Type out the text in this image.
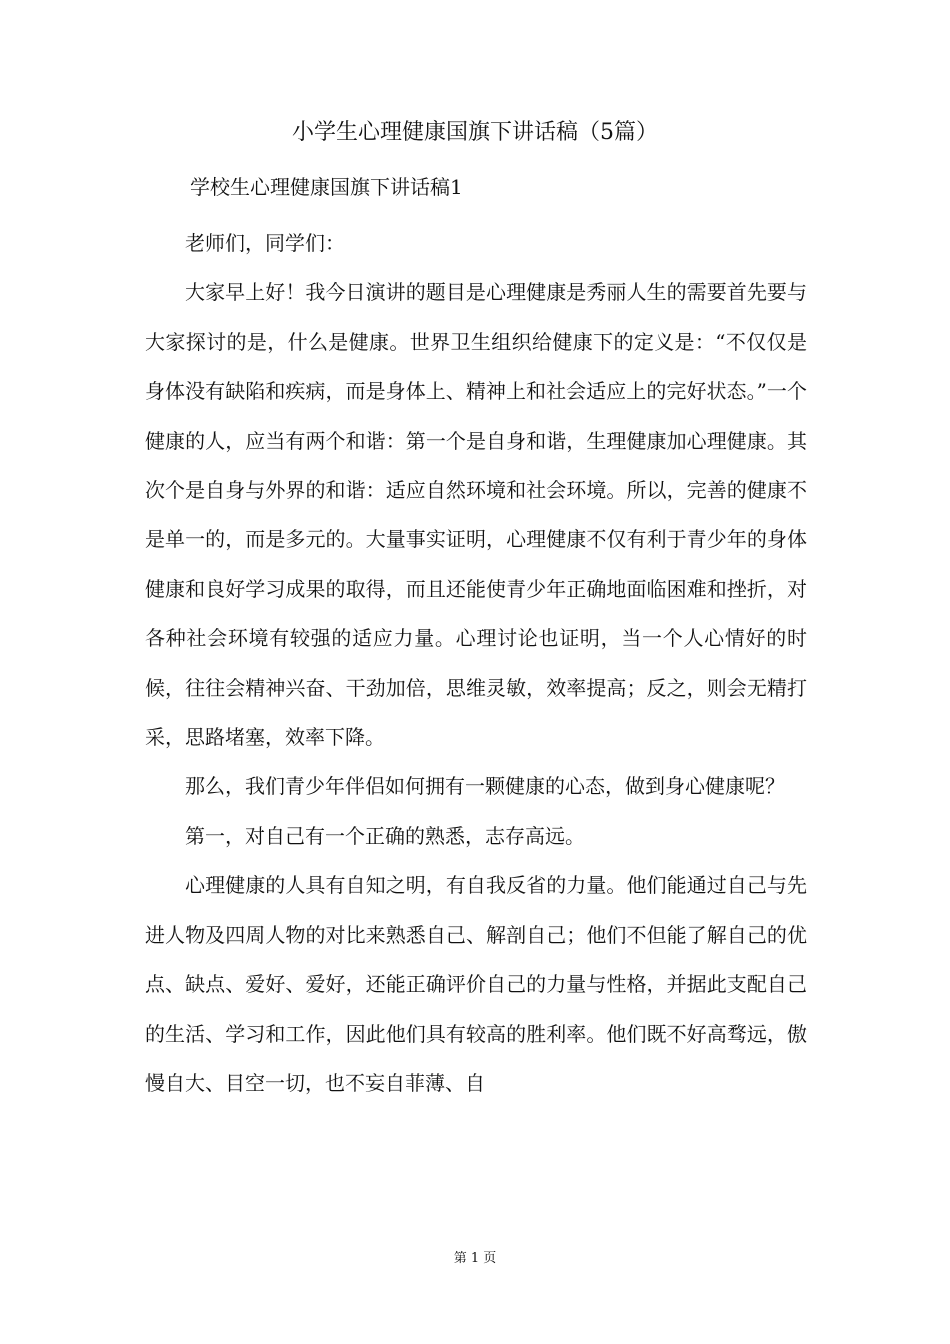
小学生心理健康国旗下讲话稿（5篇）
学校生心理健康国旗下讲话稿1

老师们，同学们：

大家早上好！我今日演讲的题目是心理健康是秀丽人生的需要首先要与大家探讨的是，什么是健康。世界卫生组织给健康下的定义是：“不仅仅是身体没有缺陷和疾病，而是身体上、精神上和社会适应上的完好状态。”一个健康的人，应当有两个和谐：第一个是自身和谐，生理健康加心理健康。其次个是自身与外界的和谐：适应自然环境和社会环境。所以，完善的健康不是单一的，而是多元的。大量事实证明，心理健康不仅有利于青少年的身体健康和良好学习成果的取得，而且还能使青少年正确地面临困难和挫折，对各种社会环境有较强的适应力量。心理讨论也证明，当一个人心情好的时候，往往会精神兴奋、干劲加倍，思维灵敏，效率提高；反之，则会无精打采，思路堵塞，效率下降。

那么，我们青少年伴侣如何拥有一颗健康的心态，做到身心健康呢？

第一，对自己有一个正确的熟悉，志存高远。

心理健康的人具有自知之明，有自我反省的力量。他们能通过自己与先进人物及四周人物的对比来熟悉自己、解剖自己；他们不但能了解自己的优点、缺点、爱好、爱好，还能正确评价自己的力量与性格，并据此支配自己的生活、学习和工作，因此他们具有较高的胜利率。他们既不好高骛远，傲慢自大、目空一切，也不妄自菲薄、自

第 1 页
